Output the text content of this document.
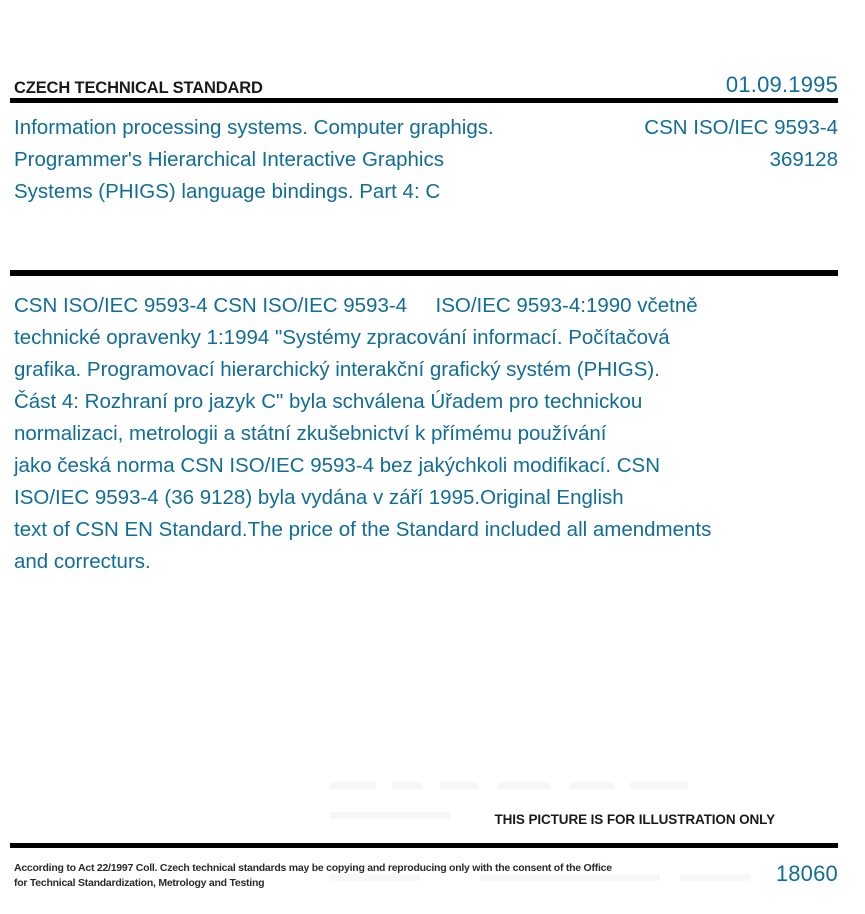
CZECH TECHNICAL STANDARD	01.09.1995
Information processing systems. Computer graphigs.
Programmer's Hierarchical Interactive Graphics
Systems (PHIGS) language bindings. Part 4: C
CSN ISO/IEC 9593-4
369128
CSN ISO/IEC 9593-4 CSN ISO/IEC 9593-4     ISO/IEC 9593-4:1990 včetně
technické opravenky 1:1994 "Systémy zpracování informací. Počítačová
grafika. Programovací hierarchický interakční grafický systém (PHIGS).
Část 4: Rozhraní pro jazyk C" byla schválena Úřadem pro technickou
normalizaci, metrologii a státní zkušebnictví k přímému používání
jako česká norma CSN ISO/IEC 9593-4 bez jakýchkoli modifikací. CSN
ISO/IEC 9593-4 (36 9128) byla vydána v září 1995.Original English
text of CSN EN Standard.The price of the Standard included all amendments
and correcturs.
THIS PICTURE IS FOR ILLUSTRATION ONLY
According to Act 22/1997 Coll. Czech technical standards may be copying and reproducing only with the consent of the Office
for Technical Standardization, Metrology and Testing	18060
